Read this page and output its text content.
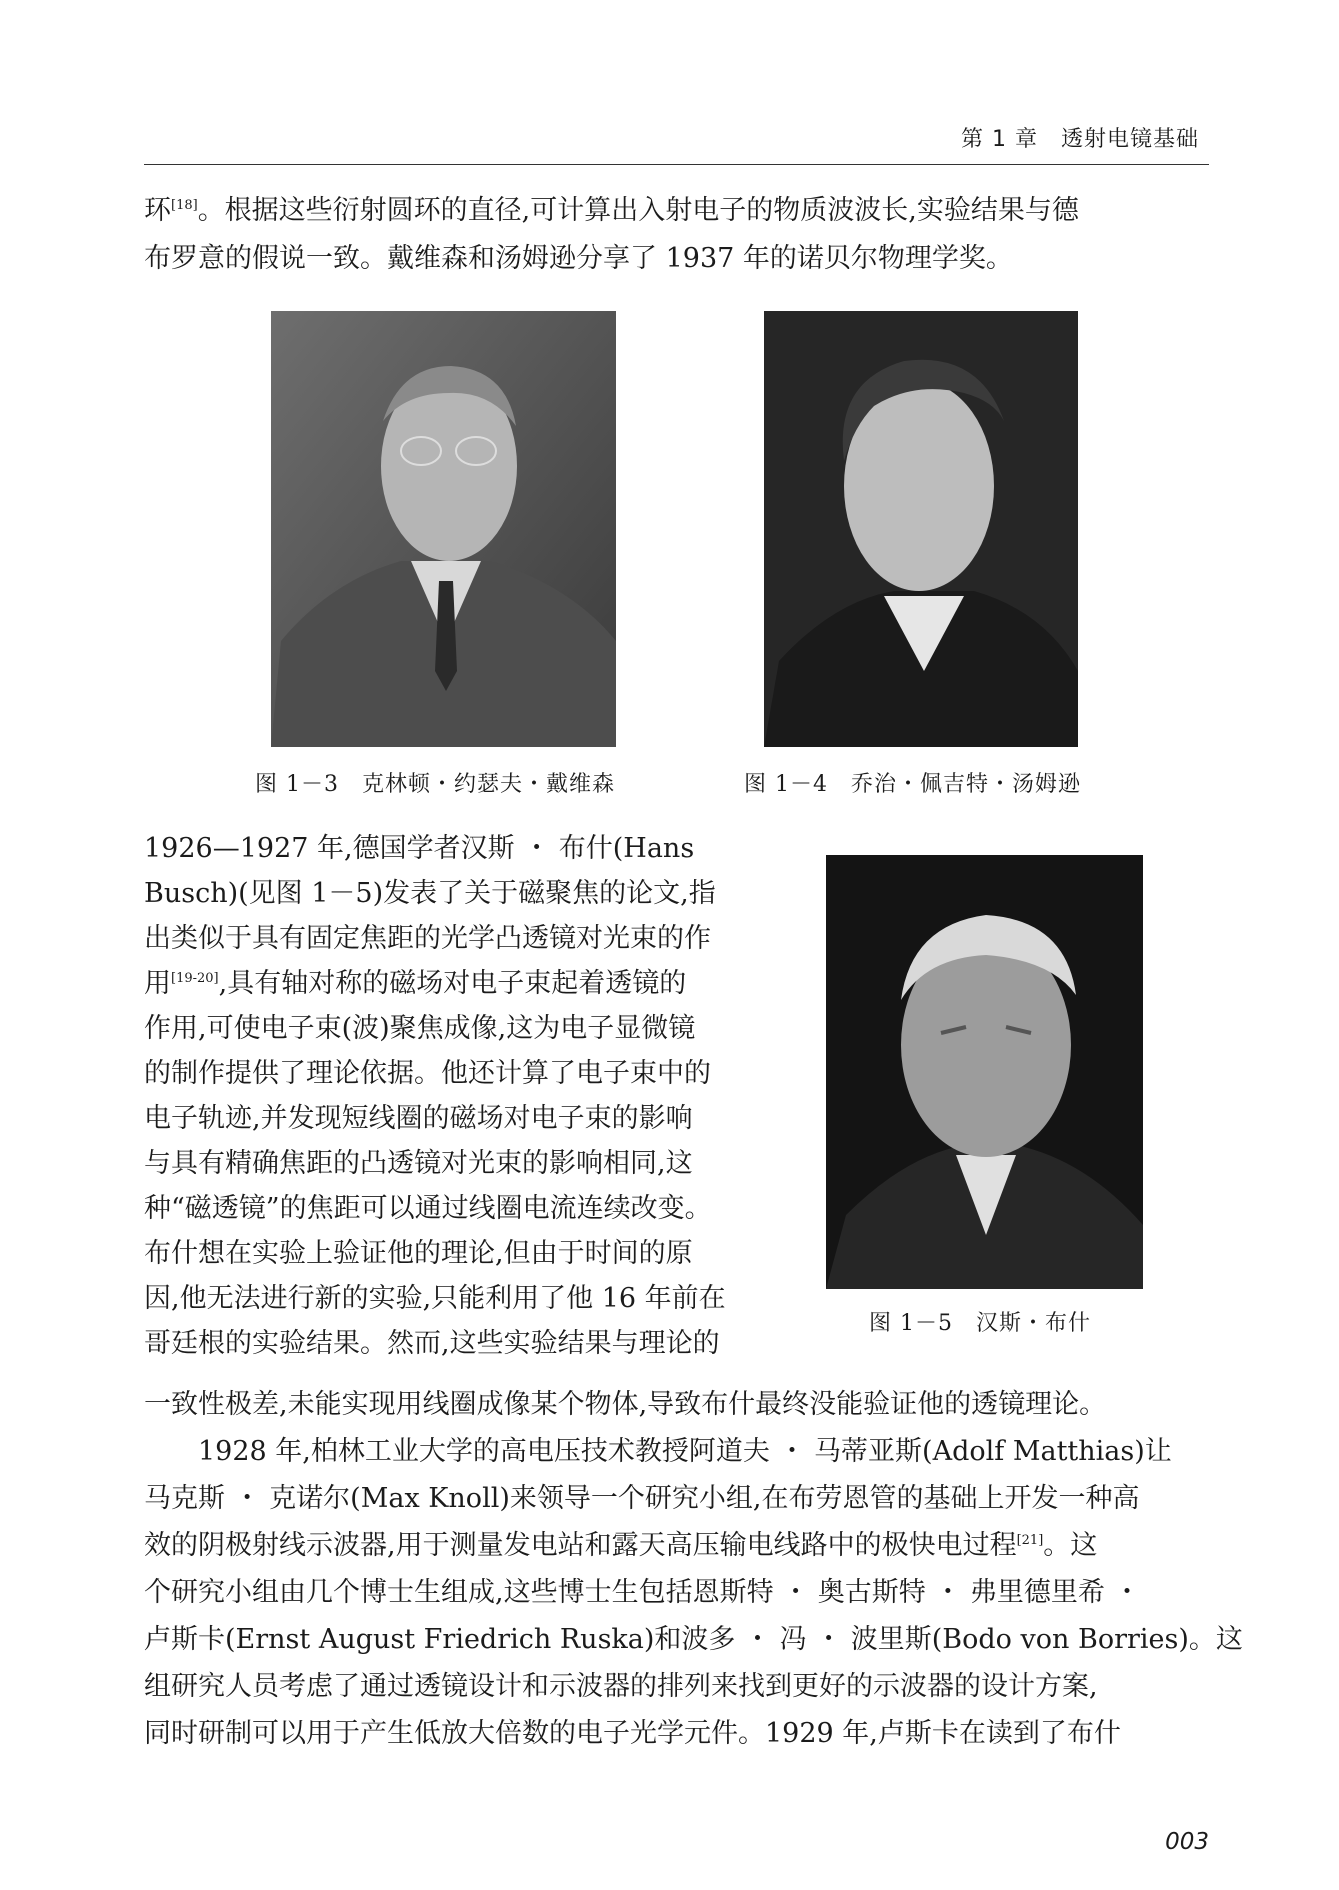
第 1 章　透射电镜基础
环[18]。根据这些衍射圆环的直径,可计算出入射电子的物质波波长,实验结果与德
布罗意的假说一致。戴维森和汤姆逊分享了 1937 年的诺贝尔物理学奖。
图 1－3　克林顿・约瑟夫・戴维森	图 1－4　乔治・佩吉特・汤姆逊
1926—1927 年,德国学者汉斯 ・ 布什(Hans
Busch)(见图 1－5)发表了关于磁聚焦的论文,指
出类似于具有固定焦距的光学凸透镜对光束的作
用[19-20],具有轴对称的磁场对电子束起着透镜的
作用,可使电子束(波)聚焦成像,这为电子显微镜
的制作提供了理论依据。他还计算了电子束中的
电子轨迹,并发现短线圈的磁场对电子束的影响
与具有精确焦距的凸透镜对光束的影响相同,这
种“磁透镜”的焦距可以通过线圈电流连续改变。
布什想在实验上验证他的理论,但由于时间的原
因,他无法进行新的实验,只能利用了他 16 年前在
哥廷根的实验结果。然而,这些实验结果与理论的
图 1－5　汉斯・布什
一致性极差,未能实现用线圈成像某个物体,导致布什最终没能验证他的透镜理论。
　　1928 年,柏林工业大学的高电压技术教授阿道夫 ・ 马蒂亚斯(Adolf Matthias)让
马克斯 ・ 克诺尔(Max Knoll)来领导一个研究小组,在布劳恩管的基础上开发一种高
效的阴极射线示波器,用于测量发电站和露天高压输电线路中的极快电过程[21]。这
个研究小组由几个博士生组成,这些博士生包括恩斯特 ・ 奥古斯特 ・ 弗里德里希 ・
卢斯卡(Ernst August Friedrich Ruska)和波多 ・ 冯 ・ 波里斯(Bodo von Borries)。这
组研究人员考虑了通过透镜设计和示波器的排列来找到更好的示波器的设计方案,
同时研制可以用于产生低放大倍数的电子光学元件。1929 年,卢斯卡在读到了布什
003
